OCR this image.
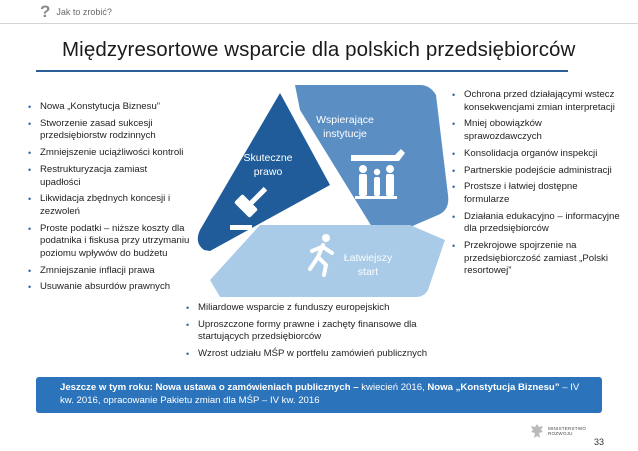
? Jak to zrobić?
Międzyresortowe wsparcie dla polskich przedsiębiorców
• Nowa „Konstytucja Biznesu”
• Stworzenie zasad sukcesji przedsiębiorstw rodzinnych
• Zmniejszenie uciążliwości kontroli
• Restrukturyzacja zamiast upadłości
• Likwidacja zbędnych koncesji i zezwoleń
• Proste podatki – niższe koszty dla podatnika i fiskusa przy utrzymaniu poziomu wpływów do budżetu
• Zmniejszanie inflacji prawa
• Usuwanie absurdów prawnych
Skuteczne
prawo
Wspierające
instytucje
Łatwiejszy
start
• Ochrona przed działającymi wstecz konsekwencjami zmian interpretacji
• Mniej obowiązków sprawozdawczych
• Konsolidacja organów inspekcji
• Partnerskie podejście administracji
• Prostsze i łatwiej dostępne formularze
• Działania edukacyjno – informacyjne dla przedsiębiorców
• Przekrojowe spojrzenie na przedsiębiorczość zamiast „Polski resortowej”
• Miliardowe wsparcie z funduszy europejskich
• Uproszczone formy prawne i zachęty finansowe dla startujących przedsiębiorców
• Wzrost udziału MŚP w portfelu zamówień publicznych
Jeszcze w tym roku: Nowa ustawa o zamówieniach publicznych – kwiecień 2016, Nowa „Konstytucja Biznesu” – IV kw. 2016, opracowanie Pakietu zmian dla MŚP – IV kw. 2016
MINISTERSTWO
ROZWOJU
33
